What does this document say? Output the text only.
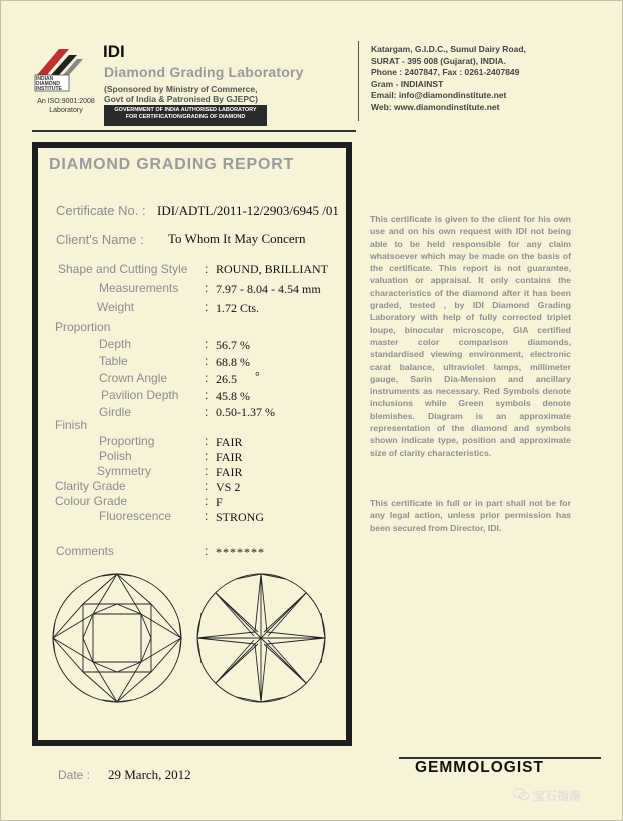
INDIAN
DIAMOND
INSTITUTE
An ISO:9001:2008
Laboratory
IDI
Diamond Grading Laboratory
(Sponsored by Ministry of Commerce,
Govt of India & Patronised By GJEPC)
GOVERNMENT OF INDIA AUTHORISED LABORATORY
FOR CERTIFICATION/GRADING OF DIAMOND
Katargam, G.I.D.C., Sumul Dairy Road,
SURAT - 395 008 (Gujarat), INDIA.
Phone : 2407847, Fax : 0261-2407849
Gram - INDIAINST
Email: info@diamondinstitute.net
Web: www.diamondinstitute.net
DIAMOND GRADING REPORT
Certificate No. : IDI/ADTL/2011-12/2903/6945 /01
Client's Name : To Whom It May Concern
Shape and Cutting Style : ROUND, BRILLIANT
Measurements : 7.97 - 8.04 - 4.54 mm
Weight	: 1.72 Cts.
Proportion
Depth	: 56.7 %
Table	: 68.8 %
Crown Angle	: 26.5 °
Pavilion Depth : 45.8 %
Girdle	: 0.50-1.37 %
Finish
Proporting	: FAIR
Polish	: FAIR
Symmetry	: FAIR
Clarity Grade	: VS 2
Colour Grade	: F
Fluorescence	: STRONG
Comments	: *******
This certificate is given to the client for his own use and on his own request with IDI not being able to be held responsible for any claim whatsoever which may be made on the basis of the certificate. This report is not guarantee, valuation or appraisal. It only contains the characteristics of the diamond after it has been graded, tested , by IDI Diamond Grading Laboratory with help of fully corrected triplet loupe, binocular microscope, GIA certified master color comparison diamonds, standardised viewing environment, electronic carat balance, ultraviolet lamps, millimeter gauge, Sarin Dia-Mension and ancillary instruments as necessary. Red Symbols denote inclusions while Green symbols denote blemishes. Diagram is an approximate representation of the diamond and symbols shown indicate type, position and approximate size of clarity characteristics.
This certificate in full or in part shall not be for any legal action, unless prior permission has been secured from Director, IDI.
Date : 29 March, 2012	GEMMOLOGIST
宝石指南
